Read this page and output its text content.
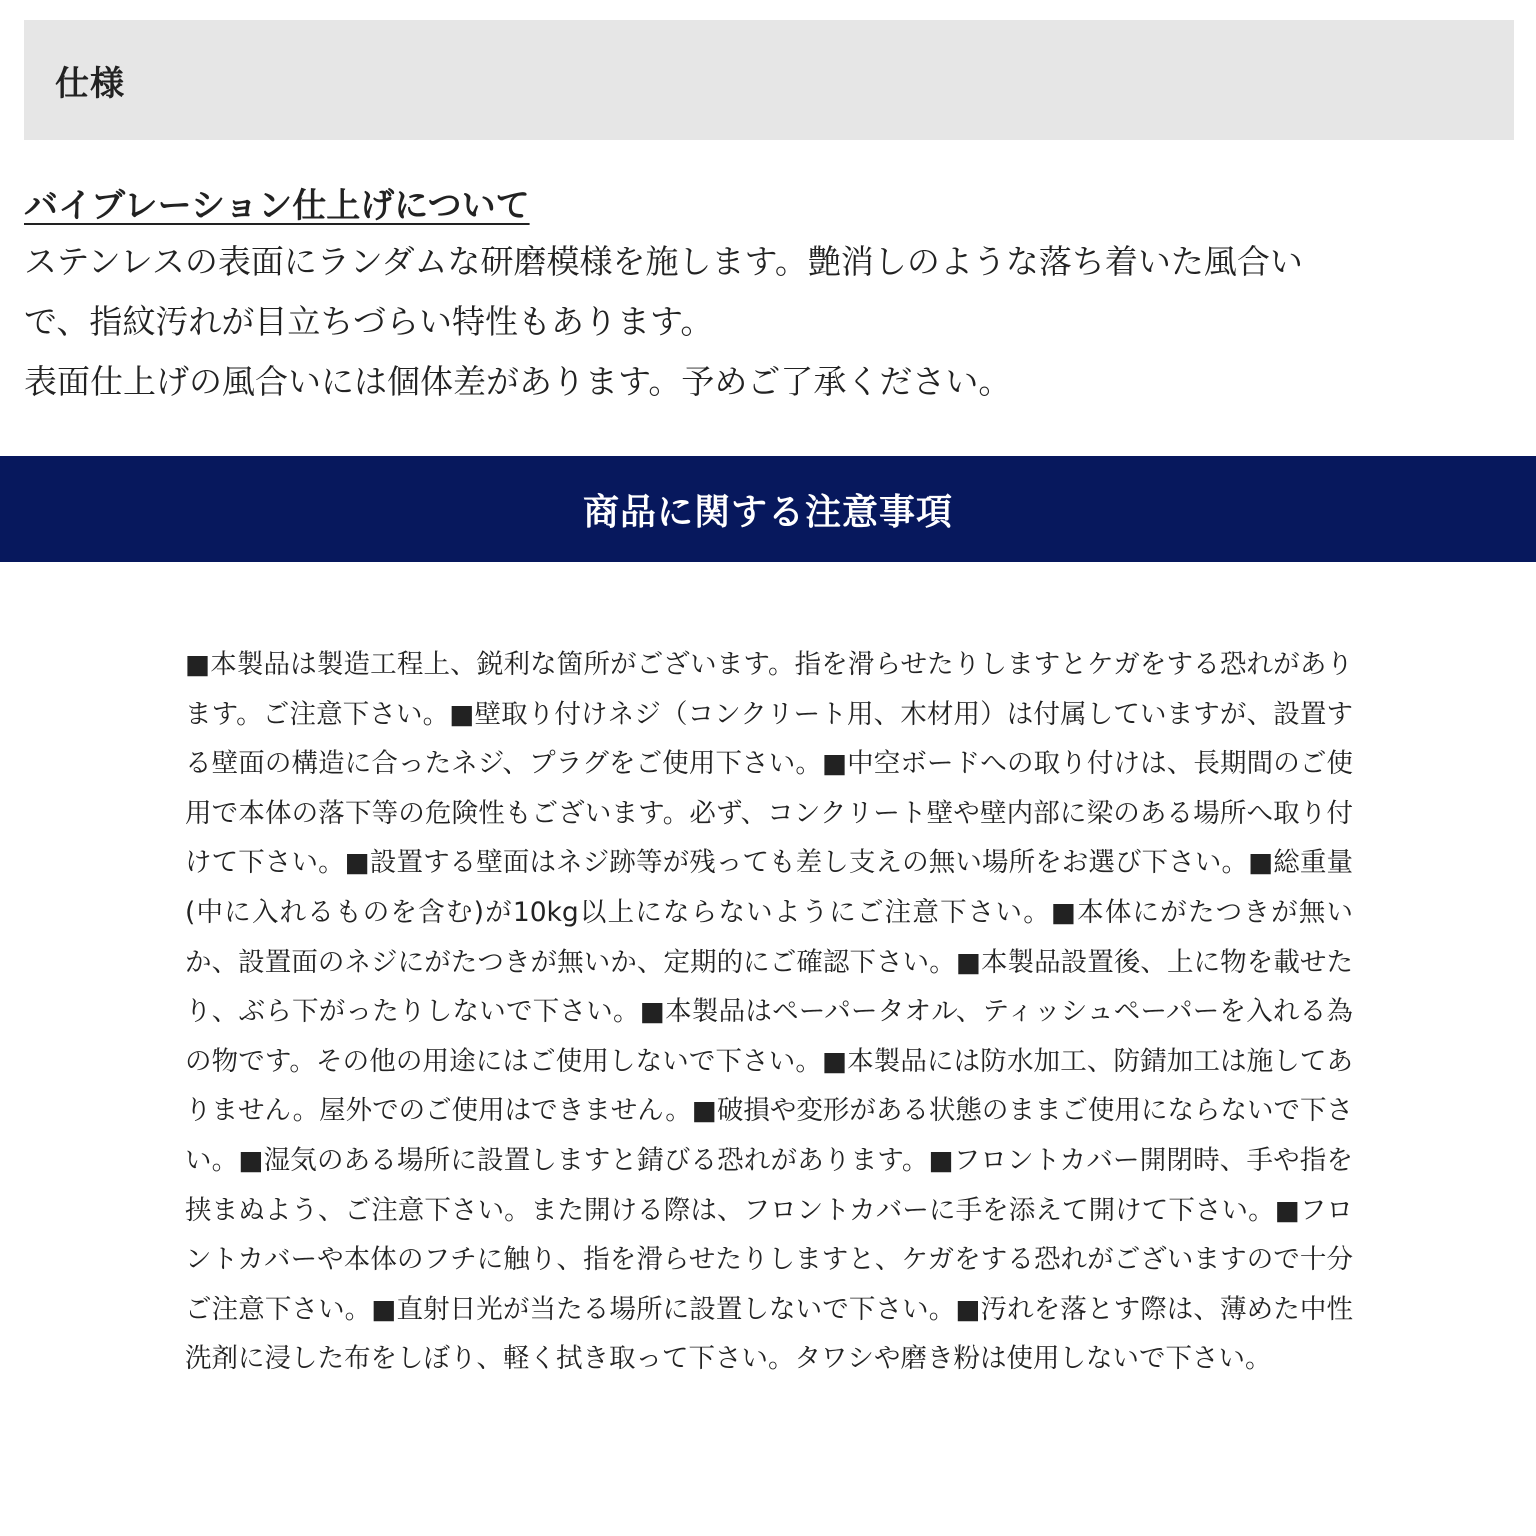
仕様
バイブレーション仕上げについて

ステンレスの表面にランダムな研磨模様を施します。艶消しのような落ち着いた風合い
で、指紋汚れが目立ちづらい特性もあります。
表面仕上げの風合いには個体差があります。予めご了承ください。

商品に関する注意事項

■本製品は製造工程上、鋭利な箇所がございます。指を滑らせたりしますとケガをする恐れがあります。ご注意下さい。■壁取り付けネジ（コンクリート用、木材用）は付属していますが、設置する壁面の構造に合ったネジ、プラグをご使用下さい。■中空ボードへの取り付けは、長期間のご使用で本体の落下等の危険性もございます。必ず、コンクリート壁や壁内部に梁のある場所へ取り付けて下さい。■設置する壁面はネジ跡等が残っても差し支えの無い場所をお選び下さい。■総重量(中に入れるものを含む)が10kg以上にならないようにご注意下さい。■本体にがたつきが無いか、設置面のネジにがたつきが無いか、定期的にご確認下さい。■本製品設置後、上に物を載せたり、ぶら下がったりしないで下さい。■本製品はペーパータオル、ティッシュペーパーを入れる為の物です。その他の用途にはご使用しないで下さい。■本製品には防水加工、防錆加工は施してありません。屋外でのご使用はできません。■破損や変形がある状態のままご使用にならないで下さい。■湿気のある場所に設置しますと錆びる恐れがあります。■フロントカバー開閉時、手や指を挟まぬよう、ご注意下さい。また開ける際は、フロントカバーに手を添えて開けて下さい。■フロントカバーや本体のフチに触り、指を滑らせたりしますと、ケガをする恐れがございますので十分ご注意下さい。■直射日光が当たる場所に設置しないで下さい。■汚れを落とす際は、薄めた中性洗剤に浸した布をしぼり、軽く拭き取って下さい。タワシや磨き粉は使用しないで下さい。
